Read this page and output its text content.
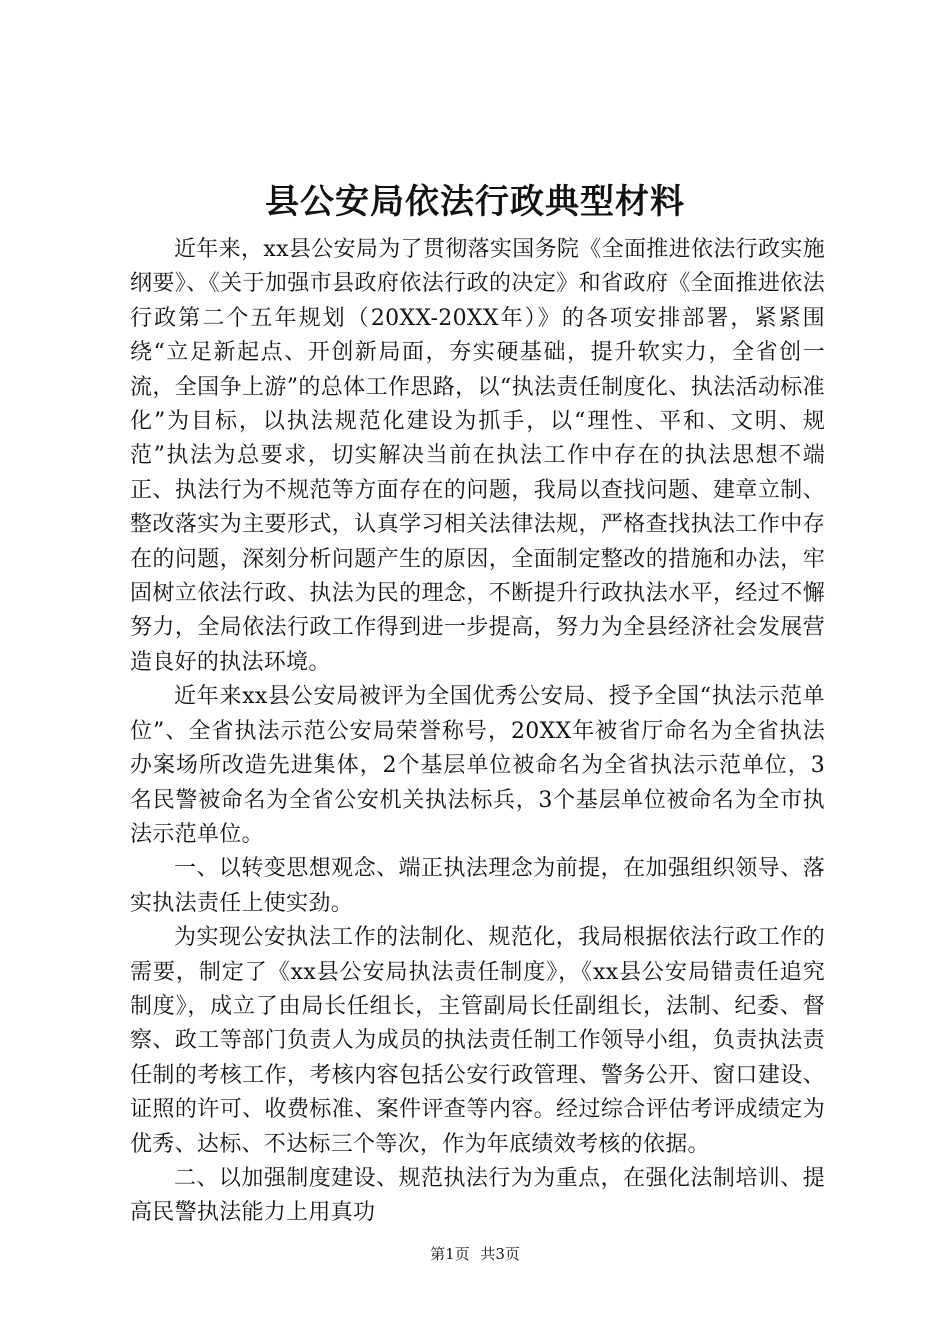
县公安局依法行政典型材料

近年来，xx县公安局为了贯彻落实国务院《全面推进依法行政实施纲要》、《关于加强市县政府依法行政的决定》和省政府《全面推进依法行政第二个五年规划（20XX-20XX年）》的各项安排部署，紧紧围绕“立足新起点、开创新局面，夯实硬基础，提升软实力，全省创一流，全国争上游”的总体工作思路，以“执法责任制度化、执法活动标准化”为目标，以执法规范化建设为抓手，以“理性、平和、文明、规范”执法为总要求，切实解决当前在执法工作中存在的执法思想不端正、执法行为不规范等方面存在的问题，我局以查找问题、建章立制、整改落实为主要形式，认真学习相关法律法规，严格查找执法工作中存在的问题，深刻分析问题产生的原因，全面制定整改的措施和办法，牢固树立依法行政、执法为民的理念，不断提升行政执法水平，经过不懈努力，全局依法行政工作得到进一步提高，努力为全县经济社会发展营造良好的执法环境。

近年来xx县公安局被评为全国优秀公安局、授予全国“执法示范单位”、全省执法示范公安局荣誉称号，20XX年被省厅命名为全省执法办案场所改造先进集体，2个基层单位被命名为全省执法示范单位，3名民警被命名为全省公安机关执法标兵，3个基层单位被命名为全市执法示范单位。

一、以转变思想观念、端正执法理念为前提，在加强组织领导、落实执法责任上使实劲。

为实现公安执法工作的法制化、规范化，我局根据依法行政工作的需要，制定了《xx县公安局执法责任制度》，《xx县公安局错责任追究制度》，成立了由局长任组长，主管副局长任副组长，法制、纪委、督察、政工等部门负责人为成员的执法责任制工作领导小组，负责执法责任制的考核工作，考核内容包括公安行政管理、警务公开、窗口建设、证照的许可、收费标准、案件评查等内容。经过综合评估考评成绩定为优秀、达标、不达标三个等次，作为年底绩效考核的依据。

二、以加强制度建设、规范执法行为为重点，在强化法制培训、提高民警执法能力上用真功

第1页 共3页
